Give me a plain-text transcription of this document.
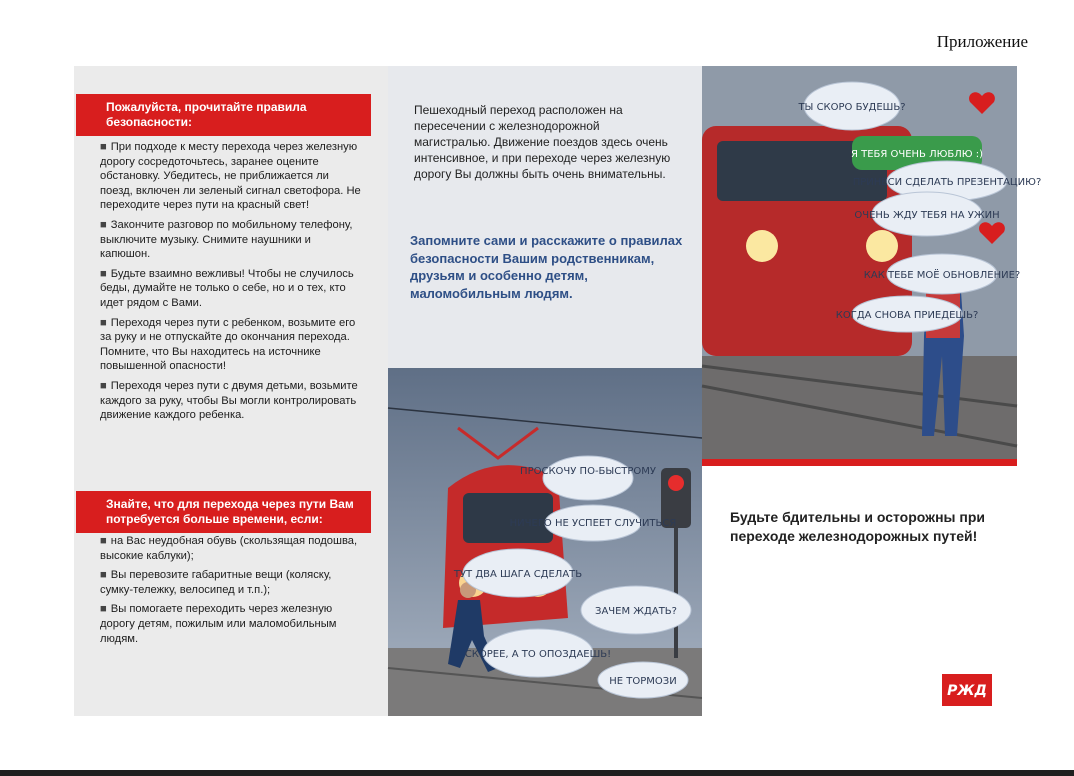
Приложение
Пожалуйста, прочитайте правила безопасности:

■ При подходе к месту перехода через железную дорогу сосредоточьтесь, заранее оцените обстановку. Убедитесь, не приближается ли поезд, включен ли зеленый сигнал светофора. Не переходите через пути на красный свет!

■ Закончите разговор по мобильному телефону, выключите музыку. Снимите наушники и капюшон.

■ Будьте взаимно вежливы! Чтобы не случилось беды, думайте не только о себе, но и о тех, кто идет рядом с Вами.

■ Переходя через пути с ребенком, возьмите его за руку и не отпускайте до окончания перехода. Помните, что Вы находитесь на источнике повышенной опасности!

■ Переходя через пути с двумя детьми, возьмите каждого за руку, чтобы Вы могли контролировать движение каждого ребенка.

Знайте, что для перехода через пути Вам потребуется больше времени, если:

■ на Вас неудобная обувь (скользящая подошва, высокие каблуки);

■ Вы перевозите габаритные вещи (коляску, сумку-тележку, велосипед и т.п.);

■ Вы помогаете переходить через железную дорогу детям, пожилым или маломобильным людям.

Пешеходный переход расположен на пересечении с железнодорожной магистралью. Движение поездов здесь очень интенсивное, и при переходе через железную дорогу Вы должны быть очень внимательны.
Запомните сами и расскажите о правилах безопасности Вашим родственникам, друзьям и особенно детям, маломобильным людям.
ПРОСКОЧУ ПО-БЫСТРОМУ
НИЧЕГО НЕ УСПЕЕТ СЛУЧИТЬСЯ
ТУТ ДВА ШАГА СДЕЛАТЬ
ЗАЧЕМ ЖДАТЬ?
СКОРЕЕ, А ТО ОПОЗДАЕШЬ!
НЕ ТОРМОЗИ
ТЫ СКОРО БУДЕШЬ?
Я ТЕБЯ ОЧЕНЬ ЛЮБЛЮ :)
ПРИНЕСИ СДЕЛАТЬ ПРЕЗЕНТАЦИЮ?
ОЧЕНЬ ЖДУ ТЕБЯ НА УЖИН
КАК ТЕБЕ МОЁ ОБНОВЛЕНИЕ?
КОГДА СНОВА ПРИЕДЕШЬ?
Будьте бдительны и осторожны при переходе железнодорожных путей!
РЖД
